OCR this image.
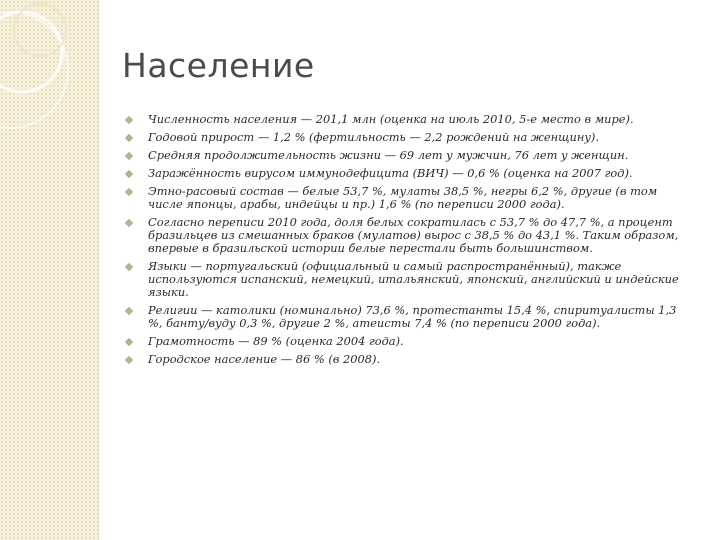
Население
Численность населения — 201,1 млн (оценка на июль 2010, 5-е место в мире).
Годовой прирост — 1,2 % (фертильность — 2,2 рождений на женщину).
Средняя продолжительность жизни — 69 лет у мужчин, 76 лет у женщин.
Заражённость вирусом иммунодефицита (ВИЧ) — 0,6 % (оценка на 2007 год).
Этно-расовый состав — белые 53,7 %, мулаты 38,5 %, негры 6,2 %, другие (в том числе японцы, арабы, индейцы и пр.) 1,6 % (по переписи 2000 года).
Согласно переписи 2010 года, доля белых сократилась с 53,7 % до 47,7 %, а процент бразильцев из смешанных браков (мулатов) вырос с 38,5 % до 43,1 %. Таким образом, впервые в бразильской истории белые перестали быть большинством.
Языки — португальский (официальный и самый распространённый), также используются испанский, немецкий, итальянский, японский, английский и индейские языки.
Религии — католики (номинально) 73,6 %, протестанты 15,4 %, спиритуалисты 1,3 %, банту/вуду 0,3 %, другие 2 %, атеисты 7,4 % (по переписи 2000 года).
Грамотность — 89 % (оценка 2004 года).
Городское население — 86 % (в 2008).
